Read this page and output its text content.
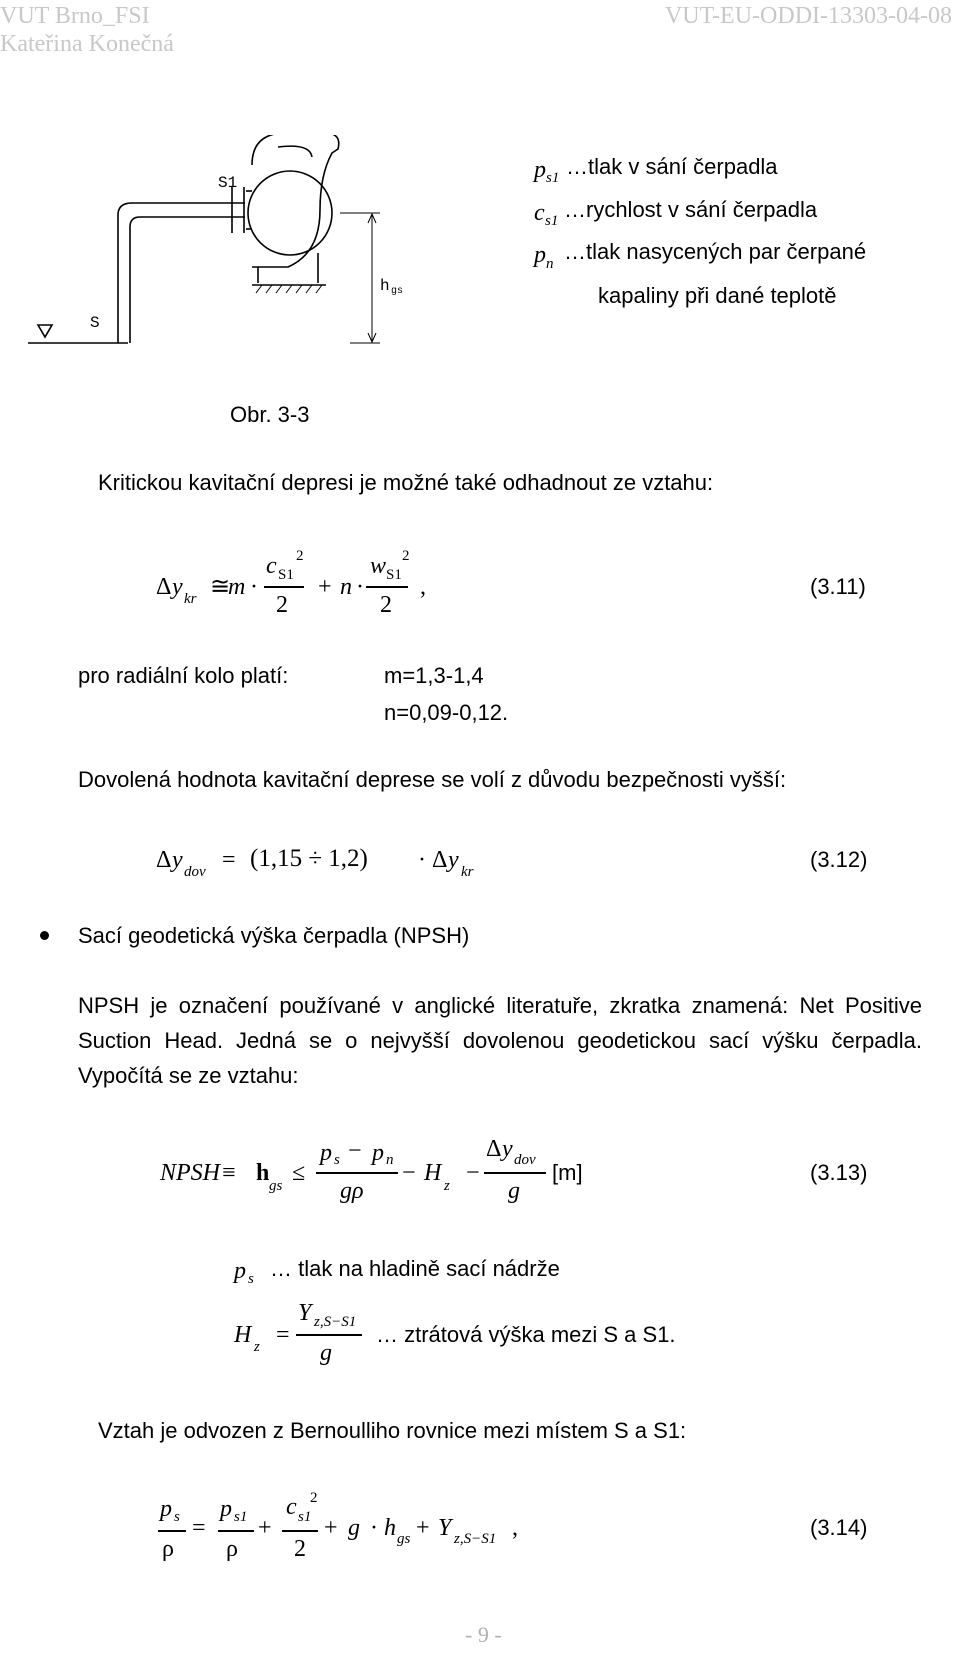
VUT Brno_FSI
Kateřina Konečná
VUT-EU-ODDI-13303-04-08
S1
S
h gs
p s1 …tlak v sání čerpadla
c s1 …rychlost v sání čerpadla
p n …tlak nasycených par čerpané
kapaliny při dané teplotě
Obr. 3-3
Kritickou kavitační depresi je možné také odhadnout ze vztahu:
Δ y kr ≅
m ·
c S1
2
2
+ n ·
w S1
2
2
,	(3.11)
pro radiální kolo platí:	m=1,3-1,4
n=0,09-0,12.
Dovolená hodnota kavitační deprese se volí z důvodu bezpečnosti vyšší:
Δ y dov = (1,15 ÷ 1,2) · Δ y kr	(3.12)
Sací geodetická výška čerpadla (NPSH)
NPSH je označení používané v anglické literatuře, zkratka znamená: Net Positive Suction Head. Jedná se o nejvyšší dovolenou geodetickou sací výšku čerpadla. Vypočítá se ze vztahu:
NPSH ≡ h gs ≤
p s − p n
gρ
− H z −
Δ y dov
g
[m]	(3.13)
p s … tlak na hladině sací nádrže
H z =
Y z,S−S1
g
… ztrátová výška mezi S a S1.
Vztah je odvozen z Bernoulliho rovnice mezi místem S a S1:
p s
ρ
=
p s1
ρ
+
c s1
2
2
+ g · h gs + Y z,S−S1 ,	(3.14)
- 9 -
